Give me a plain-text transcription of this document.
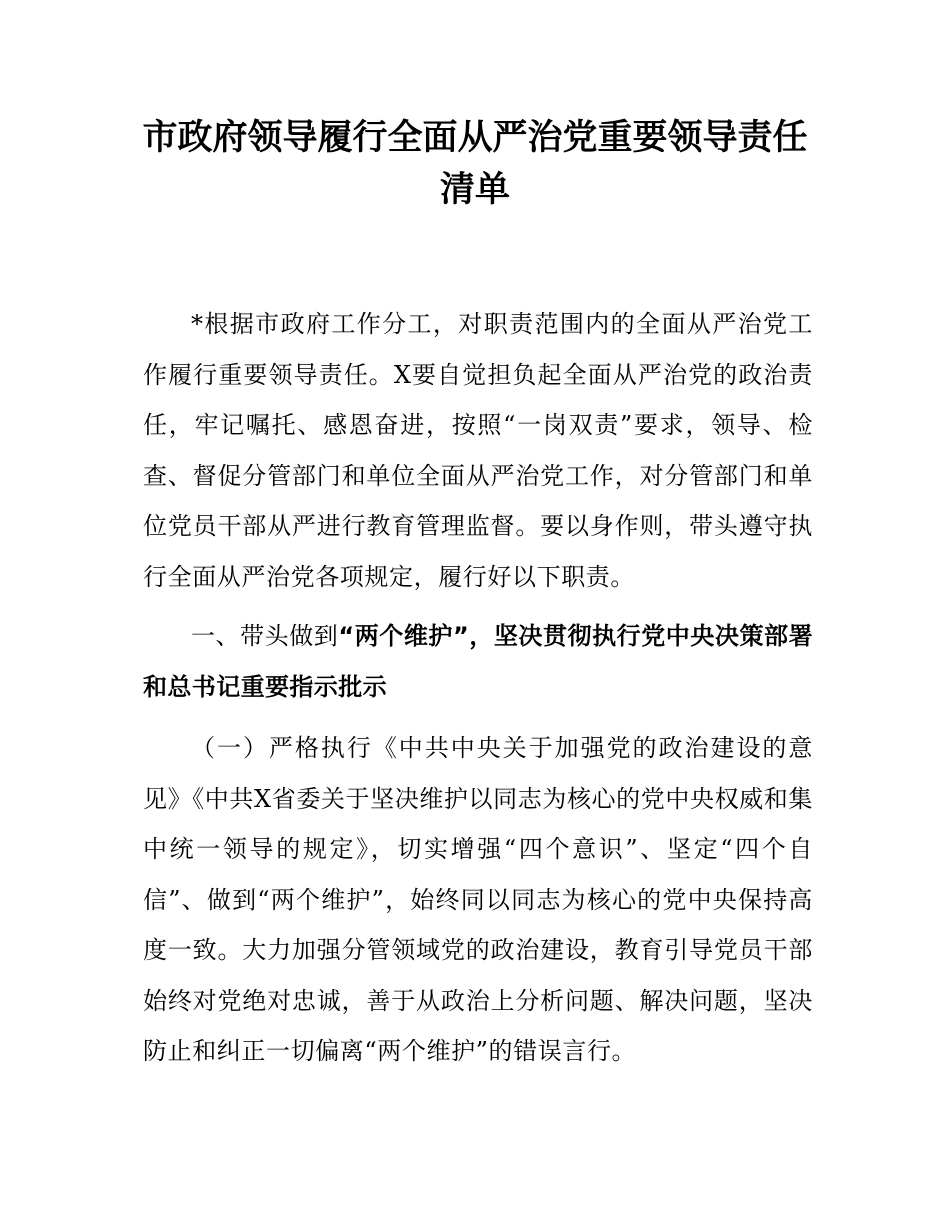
市政府领导履行全面从严治党重要领导责任
清单

*根据市政府工作分工，对职责范围内的全面从严治党工作履行重要领导责任。X要自觉担负起全面从严治党的政治责任，牢记嘱托、感恩奋进，按照“一岗双责”要求，领导、检查、督促分管部门和单位全面从严治党工作，对分管部门和单位党员干部从严进行教育管理监督。要以身作则，带头遵守执行全面从严治党各项规定，履行好以下职责。

一、带头做到“两个维护”，坚决贯彻执行党中央决策部署和总书记重要指示批示

（一）严格执行《中共中央关于加强党的政治建设的意见》《中共X省委关于坚决维护以同志为核心的党中央权威和集中统一领导的规定》，切实增强“四个意识”、坚定“四个自信”、做到“两个维护”，始终同以同志为核心的党中央保持高度一致。大力加强分管领域党的政治建设，教育引导党员干部始终对党绝对忠诚，善于从政治上分析问题、解决问题，坚决防止和纠正一切偏离“两个维护”的错误言行。
